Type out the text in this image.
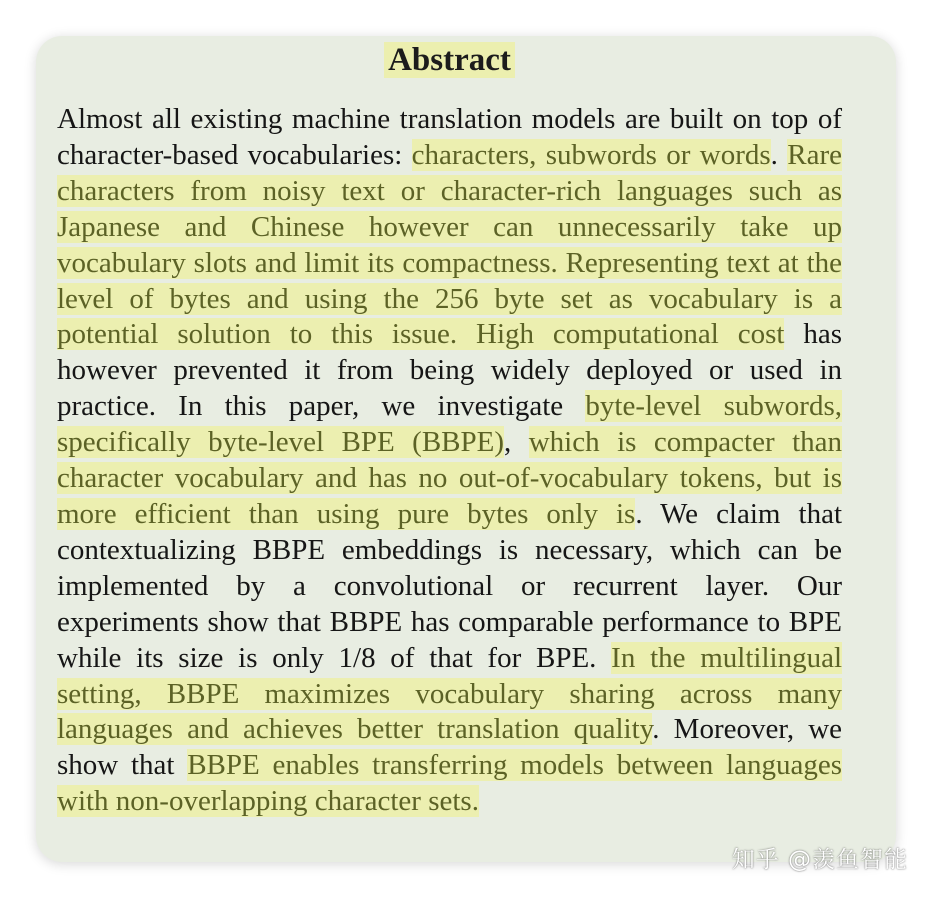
Abstract
Almost all existing machine translation models are built on top of character-based vocabularies: characters, subwords or words. Rare characters from noisy text or character-rich languages such as Japanese and Chinese however can unnecessarily take up vocabulary slots and limit its compactness. Representing text at the level of bytes and using the 256 byte set as vocabulary is a potential solution to this issue. High computational cost has however prevented it from being widely deployed or used in practice. In this paper, we investigate byte-level subwords, specifically byte-level BPE (BBPE), which is compacter than character vocabulary and has no out-of-vocabulary tokens, but is more efficient than using pure bytes only is. We claim that contextualizing BBPE embeddings is necessary, which can be implemented by a convolutional or recurrent layer. Our experiments show that BBPE has comparable performance to BPE while its size is only 1/8 of that for BPE. In the multilingual setting, BBPE maximizes vocabulary sharing across many languages and achieves better translation quality. Moreover, we show that BBPE enables transferring models between languages with non-overlapping character sets.
知乎 @羡鱼智能
